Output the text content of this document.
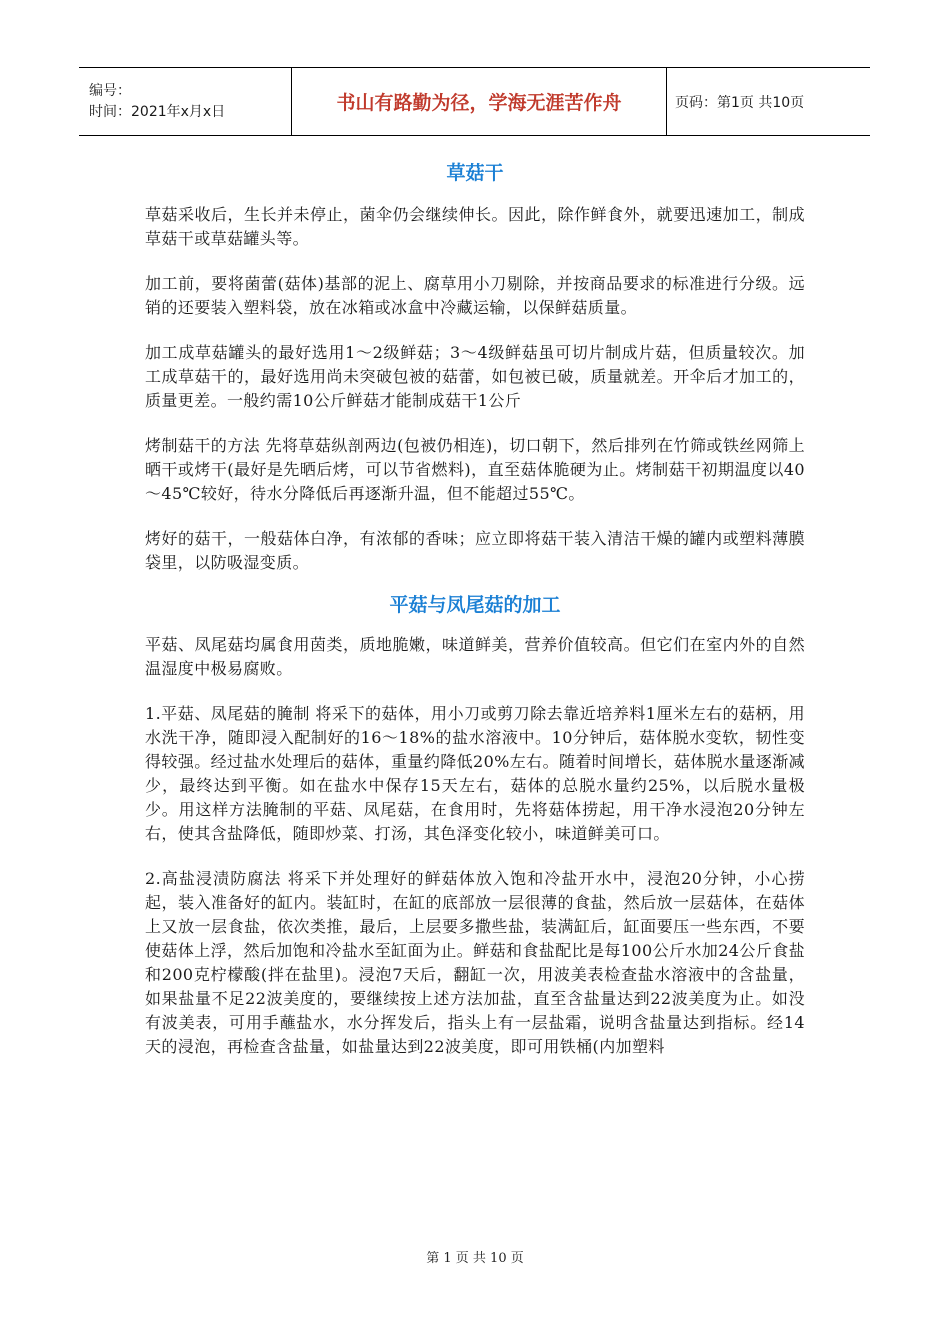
编号：
时间：2021年x月x日	书山有路勤为径，学海无涯苦作舟	页码：第1页 共10页
草菇干

草菇采收后，生长并未停止，菌伞仍会继续伸长。因此，除作鲜食外，就要迅速加工，制成草菇干或草菇罐头等。

加工前，要将菌蕾(菇体)基部的泥上、腐草用小刀剔除，并按商品要求的标准进行分级。远销的还要装入塑料袋，放在冰箱或冰盒中冷藏运输，以保鲜菇质量。

加工成草菇罐头的最好选用1～2级鲜菇；3～4级鲜菇虽可切片制成片菇，但质量较次。加工成草菇干的，最好选用尚未突破包被的菇蕾，如包被已破，质量就差。开伞后才加工的，质量更差。一般约需10公斤鲜菇才能制成菇干1公斤

烤制菇干的方法 先将草菇纵剖两边(包被仍相连)，切口朝下，然后排列在竹筛或铁丝网筛上晒干或烤干(最好是先晒后烤，可以节省燃料)，直至菇体脆硬为止。烤制菇干初期温度以40～45℃较好，待水分降低后再逐渐升温，但不能超过55℃。

烤好的菇干，一般菇体白净，有浓郁的香味；应立即将菇干装入清洁干燥的罐内或塑料薄膜袋里，以防吸湿变质。

平菇与凤尾菇的加工

平菇、凤尾菇均属食用茵类，质地脆嫩，味道鲜美，营养价值较高。但它们在室内外的自然温湿度中极易腐败。

1.平菇、凤尾菇的腌制 将采下的菇体，用小刀或剪刀除去靠近培养料1厘米左右的菇柄，用水洗干净，随即浸入配制好的16～18%的盐水溶液中。10分钟后，菇体脱水变软，韧性变得较强。经过盐水处理后的菇体，重量约降低20%左右。随着时间增长，菇体脱水量逐渐减少，最终达到平衡。如在盐水中保存15天左右，菇体的总脱水量约25%，以后脱水量极少。用这样方法腌制的平菇、凤尾菇，在食用时，先将菇体捞起，用干净水浸泡20分钟左右，使其含盐降低，随即炒菜、打汤，其色泽变化较小，味道鲜美可口。

2.高盐浸渍防腐法 将采下并处理好的鲜菇体放入饱和冷盐开水中，浸泡20分钟，小心捞起，装入准备好的缸内。装缸时，在缸的底部放一层很薄的食盐，然后放一层菇体，在菇体上又放一层食盐，依次类推，最后，上层要多撒些盐，装满缸后，缸面要压一些东西，不要使菇体上浮，然后加饱和冷盐水至缸面为止。鲜菇和食盐配比是每100公斤水加24公斤食盐和200克柠檬酸(拌在盐里)。浸泡7天后，翻缸一次，用波美表检查盐水溶液中的含盐量，如果盐量不足22波美度的，要继续按上述方法加盐，直至含盐量达到22波美度为止。如没有波美表，可用手蘸盐水，水分挥发后，指头上有一层盐霜，说明含盐量达到指标。经14天的浸泡，再检查含盐量，如盐量达到22波美度，即可用铁桶(内加塑料

第 1 页 共 10 页
